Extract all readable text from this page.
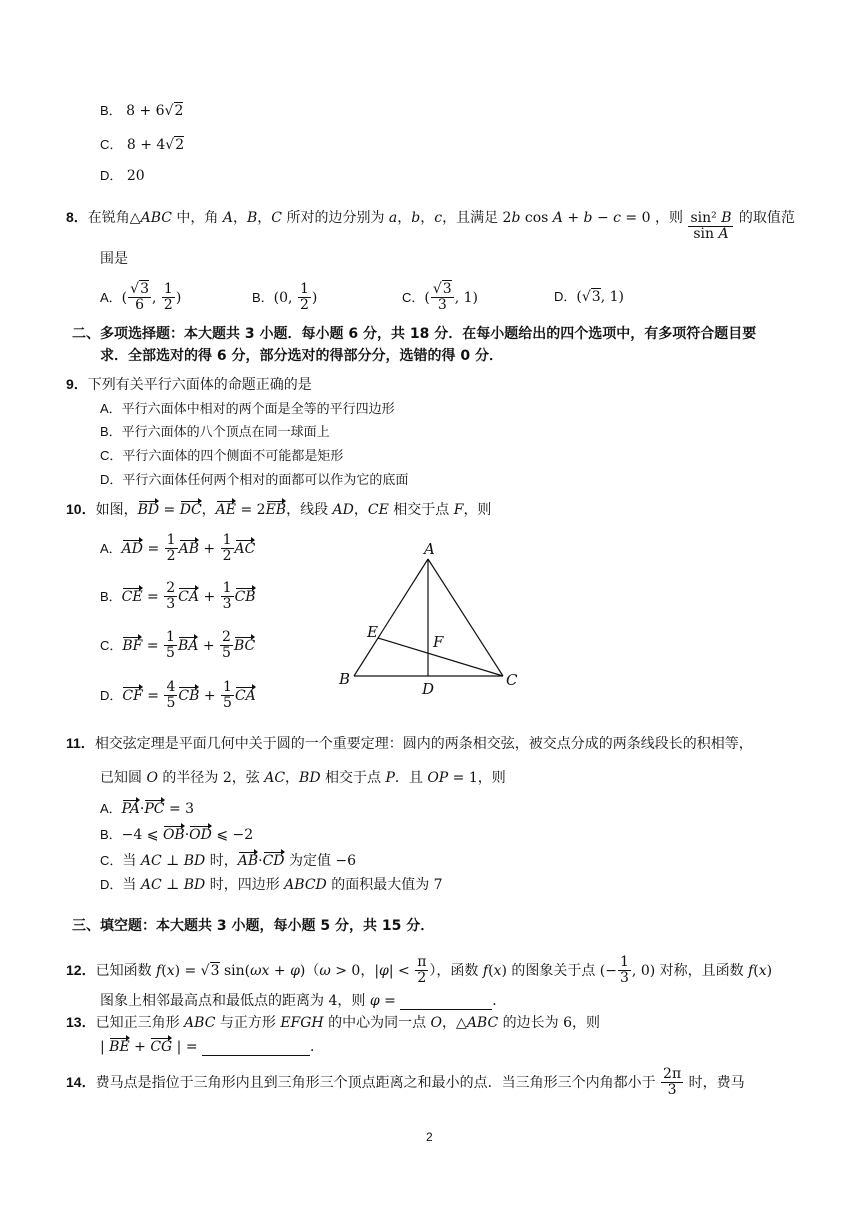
B． 8 + 6√2
C． 8 + 4√2
D． 20
8．在锐角△ABC 中，角 A，B，C 所对的边分别为 a，b，c，且满足 2b cos A + b − c = 0 ，则 $\frac{\text{sin² B}}{\text{sin A}}$ 的取值范
围是
A．( $\frac{√3}{6}$ , $\frac{1}{2}$ )	B．(0, $\frac{1}{2}$ )	C．( $\frac{√3}{3}$ , 1)	D．(√3, 1)
二、多项选择题：本大题共 3 小题．每小题 6 分，共 18 分．在每小题给出的四个选项中，有多项符合题目要
求．全部选对的得 6 分，部分选对的得部分分，选错的得 0 分．
9．下列有关平行六面体的命题正确的是
A．平行六面体中相对的两个面是全等的平行四边形
B．平行六面体的八个顶点在同一球面上
C．平行六面体的四个侧面不可能都是矩形
D．平行六面体任何两个相对的面都可以作为它的底面
10．如图，BD = DC，AE = 2EB，线段 AD，CE 相交于点 F，则
A．AD = $\frac{1}{2}$ AB + $\frac{1}{2}$ AC
B．CE = $\frac{2}{3}$ CA + $\frac{1}{3}$ CB
C．BF = $\frac{1}{5}$ BA + $\frac{2}{5}$ BC
D．CF = $\frac{4}{5}$ CB + $\frac{1}{5}$ CA
A
B	C
D
E
F
11．相交弦定理是平面几何中关于圆的一个重要定理：圆内的两条相交弦，被交点分成的两条线段长的积相等，
已知圆 O 的半径为 2，弦 AC，BD 相交于点 P．且 OP = 1，则
A．PA·PC = 3
B．−4 ⩽ OB·OD ⩽ −2
C．当 AC ⊥ BD 时，AB·CD 为定值 −6
D．当 AC ⊥ BD 时，四边形 ABCD 的面积最大值为 7
三、填空题：本大题共 3 小题，每小题 5 分，共 15 分．
12．已知函数 f(x) = √3 sin(ωx + φ)（ω > 0，$|\varphi| < \frac{\pi}{2}$ ），函数 f(x) 的图象关于点 (− $\frac{1}{3}$ , 0) 对称，且函数 f(x)
图象上相邻最高点和最低点的距离为 4，则 φ =	．
13．已知正三角形 ABC 与正方形 EFGH 的中心为同一点 O，△ABC 的边长为 6，则
| BE + CG | =	．
14．费马点是指位于三角形内且到三角形三个顶点距离之和最小的点．当三角形三个内角都小于 $\frac{2\pi}{3}$ 时，费马
2
